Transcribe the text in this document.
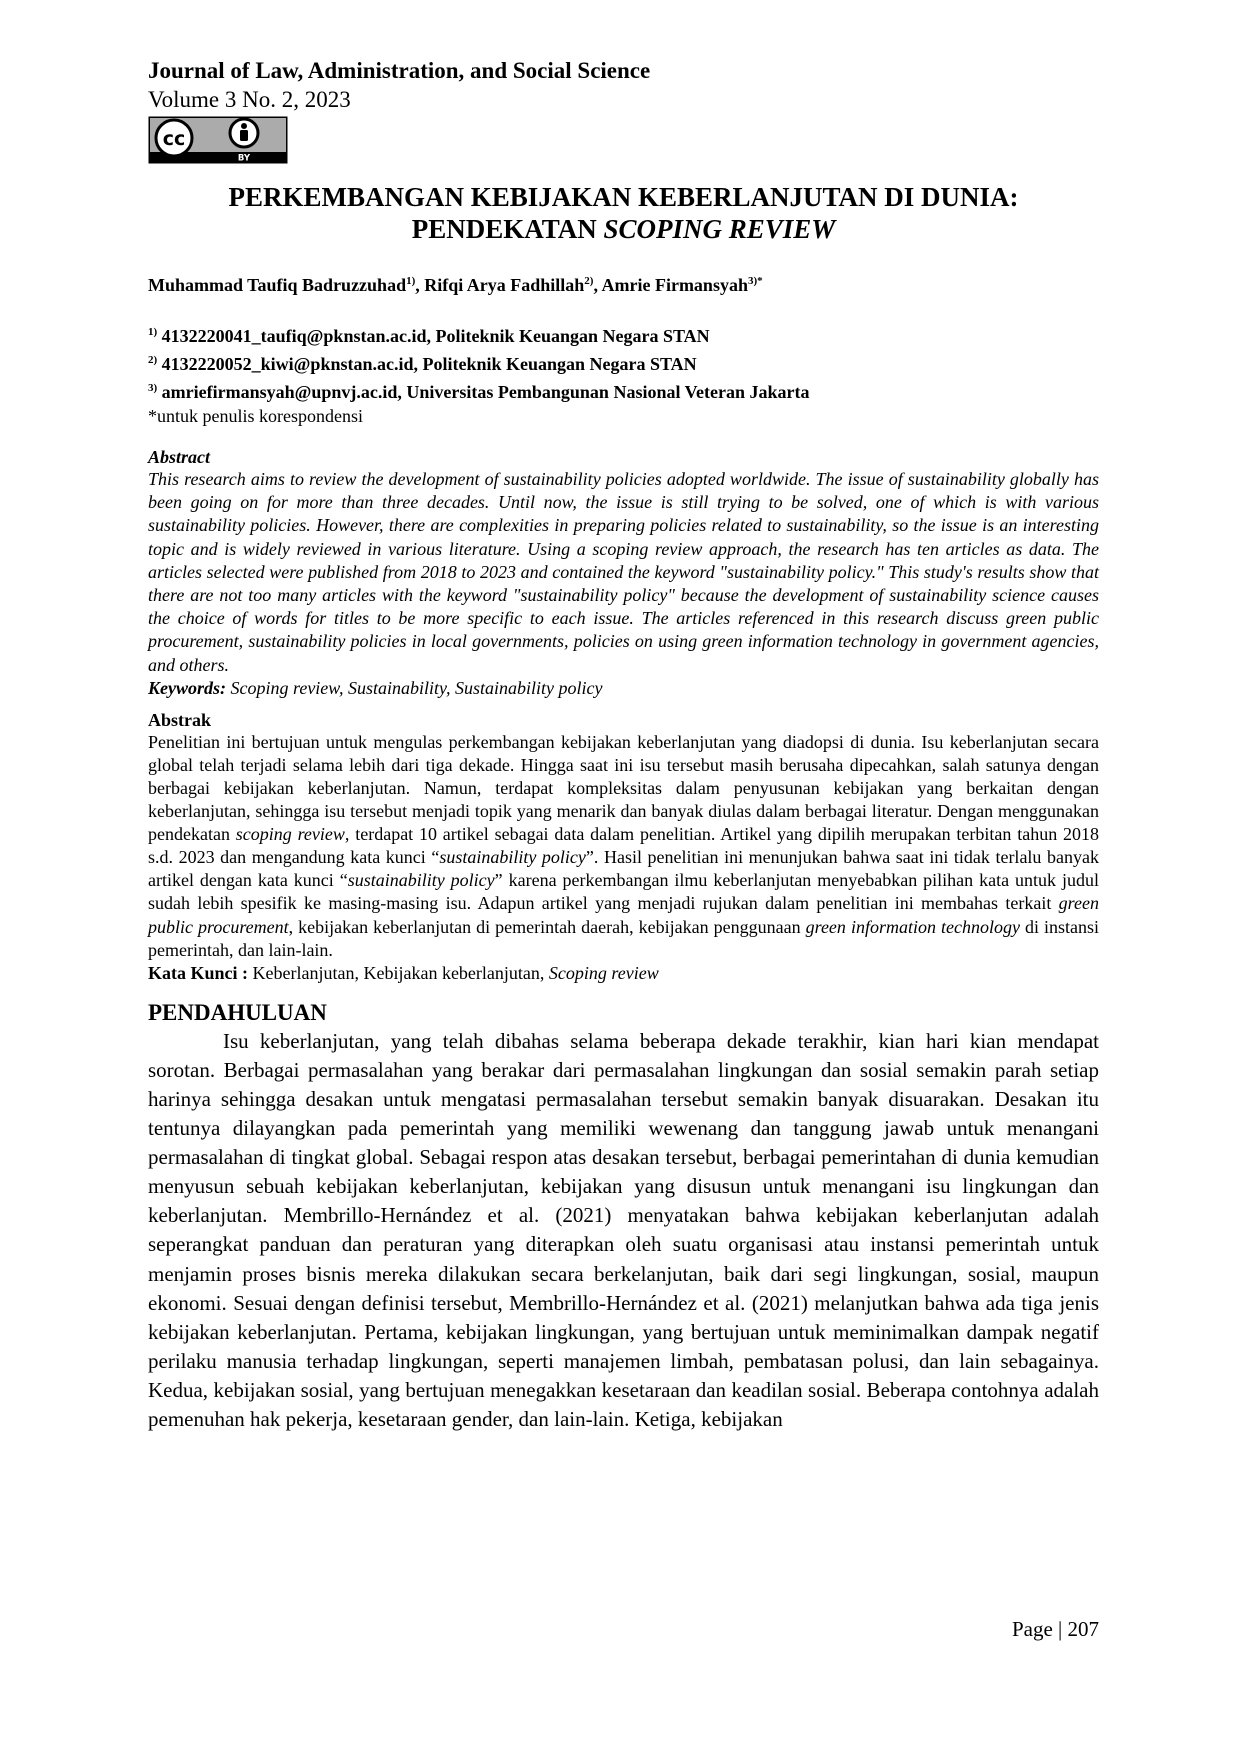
Journal of Law, Administration, and Social Science
Volume 3 No. 2, 2023
cc
BY
PERKEMBANGAN KEBIJAKAN KEBERLANJUTAN DI DUNIA:
PENDEKATAN SCOPING REVIEW
Muhammad Taufiq Badruzzuhad$^{1)}$, Rifqi Arya Fadhillah$^{2)}$, Amrie Firmansyah$^{3)*}$
$^{1)}$ 4132220041_taufiq@pknstan.ac.id, Politeknik Keuangan Negara STAN
$^{2)}$ 4132220052_kiwi@pknstan.ac.id, Politeknik Keuangan Negara STAN
$^{3)}$ amriefirmansyah@upnvj.ac.id, Universitas Pembangunan Nasional Veteran Jakarta
*untuk penulis korespondensi
Abstract

This research aims to review the development of sustainability policies adopted worldwide. The issue of sustainability globally has been going on for more than three decades. Until now, the issue is still trying to be solved, one of which is with various sustainability policies. However, there are complexities in preparing policies related to sustainability, so the issue is an interesting topic and is widely reviewed in various literature. Using a scoping review approach, the research has ten articles as data. The articles selected were published from 2018 to 2023 and contained the keyword "sustainability policy." This study's results show that there are not too many articles with the keyword "sustainability policy" because the development of sustainability science causes the choice of words for titles to be more specific to each issue. The articles referenced in this research discuss green public procurement, sustainability policies in local governments, policies on using green information technology in government agencies, and others.

Keywords: Scoping review, Sustainability, Sustainability policy
Abstrak

Penelitian ini bertujuan untuk mengulas perkembangan kebijakan keberlanjutan yang diadopsi di dunia. Isu keberlanjutan secara global telah terjadi selama lebih dari tiga dekade. Hingga saat ini isu tersebut masih berusaha dipecahkan, salah satunya dengan berbagai kebijakan keberlanjutan. Namun, terdapat kompleksitas dalam penyusunan kebijakan yang berkaitan dengan keberlanjutan, sehingga isu tersebut menjadi topik yang menarik dan banyak diulas dalam berbagai literatur. Dengan menggunakan pendekatan scoping review, terdapat 10 artikel sebagai data dalam penelitian. Artikel yang dipilih merupakan terbitan tahun 2018 s.d. 2023 dan mengandung kata kunci “sustainability policy”. Hasil penelitian ini menunjukan bahwa saat ini tidak terlalu banyak artikel dengan kata kunci “sustainability policy” karena perkembangan ilmu keberlanjutan menyebabkan pilihan kata untuk judul sudah lebih spesifik ke masing-masing isu. Adapun artikel yang menjadi rujukan dalam penelitian ini membahas terkait green public procurement, kebijakan keberlanjutan di pemerintah daerah, kebijakan penggunaan green information technology di instansi pemerintah, dan lain-lain.

Kata Kunci : Keberlanjutan, Kebijakan keberlanjutan, Scoping review
PENDAHULUAN

Isu keberlanjutan, yang telah dibahas selama beberapa dekade terakhir, kian hari kian mendapat sorotan. Berbagai permasalahan yang berakar dari permasalahan lingkungan dan sosial semakin parah setiap harinya sehingga desakan untuk mengatasi permasalahan tersebut semakin banyak disuarakan. Desakan itu tentunya dilayangkan pada pemerintah yang memiliki wewenang dan tanggung jawab untuk menangani permasalahan di tingkat global. Sebagai respon atas desakan tersebut, berbagai pemerintahan di dunia kemudian menyusun sebuah kebijakan keberlanjutan, kebijakan yang disusun untuk menangani isu lingkungan dan keberlanjutan. Membrillo-Hernández et al. (2021) menyatakan bahwa kebijakan keberlanjutan adalah seperangkat panduan dan peraturan yang diterapkan oleh suatu organisasi atau instansi pemerintah untuk menjamin proses bisnis mereka dilakukan secara berkelanjutan, baik dari segi lingkungan, sosial, maupun ekonomi. Sesuai dengan definisi tersebut, Membrillo-Hernández et al. (2021) melanjutkan bahwa ada tiga jenis kebijakan keberlanjutan. Pertama, kebijakan lingkungan, yang bertujuan untuk meminimalkan dampak negatif perilaku manusia terhadap lingkungan, seperti manajemen limbah, pembatasan polusi, dan lain sebagainya. Kedua, kebijakan sosial, yang bertujuan menegakkan kesetaraan dan keadilan sosial. Beberapa contohnya adalah pemenuhan hak pekerja, kesetaraan gender, dan lain-lain. Ketiga, kebijakan

Page | 207
